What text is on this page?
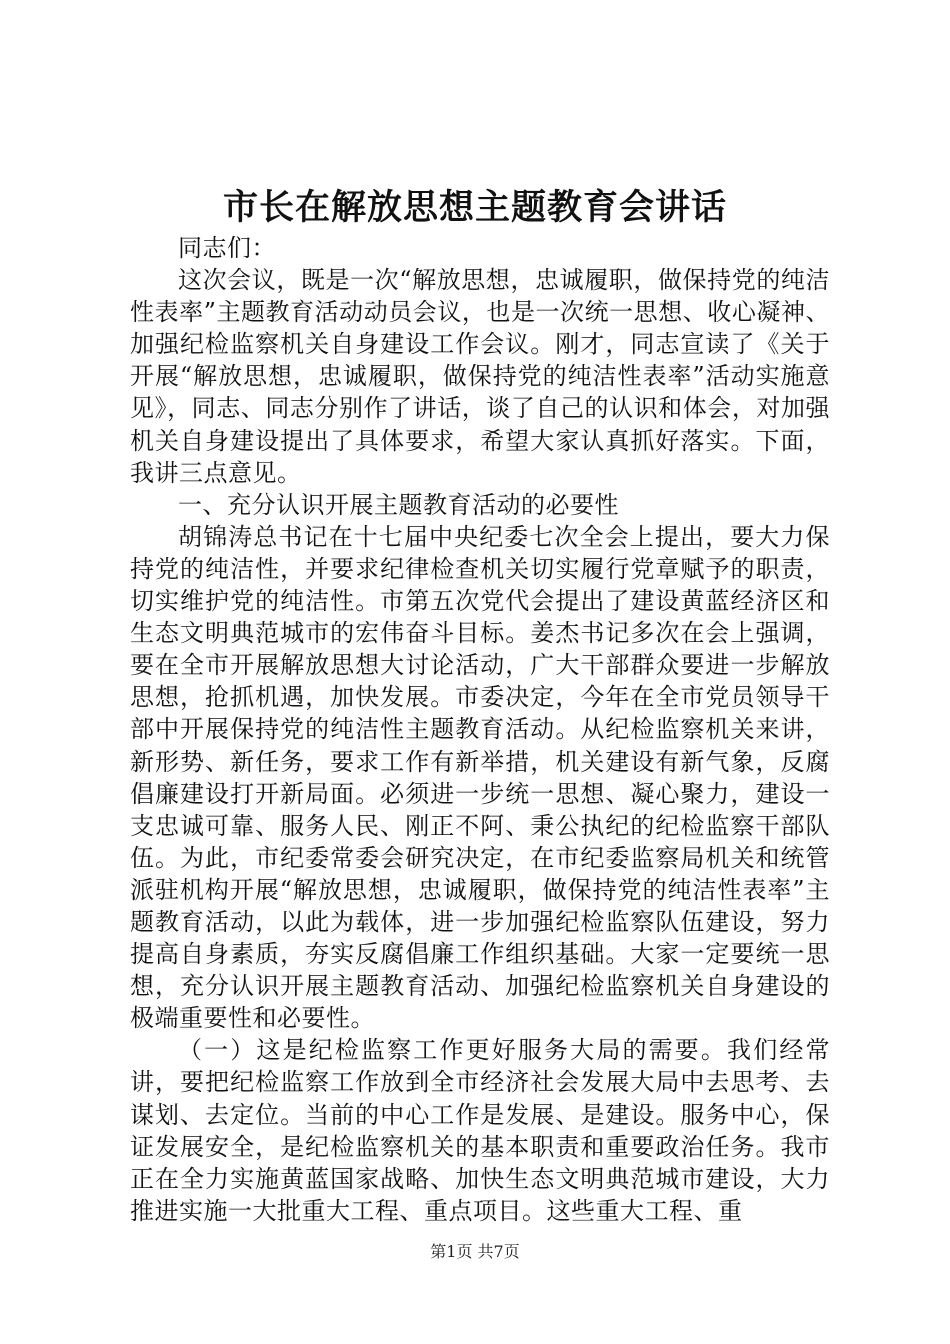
市长在解放思想主题教育会讲话

同志们：

这次会议，既是一次“解放思想，忠诚履职，做保持党的纯洁性表率”主题教育活动动员会议，也是一次统一思想、收心凝神、加强纪检监察机关自身建设工作会议。刚才，同志宣读了《关于开展“解放思想，忠诚履职，做保持党的纯洁性表率”活动实施意见》，同志、同志分别作了讲话，谈了自己的认识和体会，对加强机关自身建设提出了具体要求，希望大家认真抓好落实。下面，我讲三点意见。

一、充分认识开展主题教育活动的必要性

胡锦涛总书记在十七届中央纪委七次全会上提出，要大力保持党的纯洁性，并要求纪律检查机关切实履行党章赋予的职责，切实维护党的纯洁性。市第五次党代会提出了建设黄蓝经济区和生态文明典范城市的宏伟奋斗目标。姜杰书记多次在会上强调，要在全市开展解放思想大讨论活动，广大干部群众要进一步解放思想，抢抓机遇，加快发展。市委决定，今年在全市党员领导干部中开展保持党的纯洁性主题教育活动。从纪检监察机关来讲，新形势、新任务，要求工作有新举措，机关建设有新气象，反腐倡廉建设打开新局面。必须进一步统一思想、凝心聚力，建设一支忠诚可靠、服务人民、刚正不阿、秉公执纪的纪检监察干部队伍。为此，市纪委常委会研究决定，在市纪委监察局机关和统管派驻机构开展“解放思想，忠诚履职，做保持党的纯洁性表率”主题教育活动，以此为载体，进一步加强纪检监察队伍建设，努力提高自身素质，夯实反腐倡廉工作组织基础。大家一定要统一思想，充分认识开展主题教育活动、加强纪检监察机关自身建设的极端重要性和必要性。

（一）这是纪检监察工作更好服务大局的需要。我们经常讲，要把纪检监察工作放到全市经济社会发展大局中去思考、去谋划、去定位。当前的中心工作是发展、是建设。服务中心，保证发展安全，是纪检监察机关的基本职责和重要政治任务。我市正在全力实施黄蓝国家战略、加快生态文明典范城市建设，大力推进实施一大批重大工程、重点项目。这些重大工程、重

第1页 共7页
